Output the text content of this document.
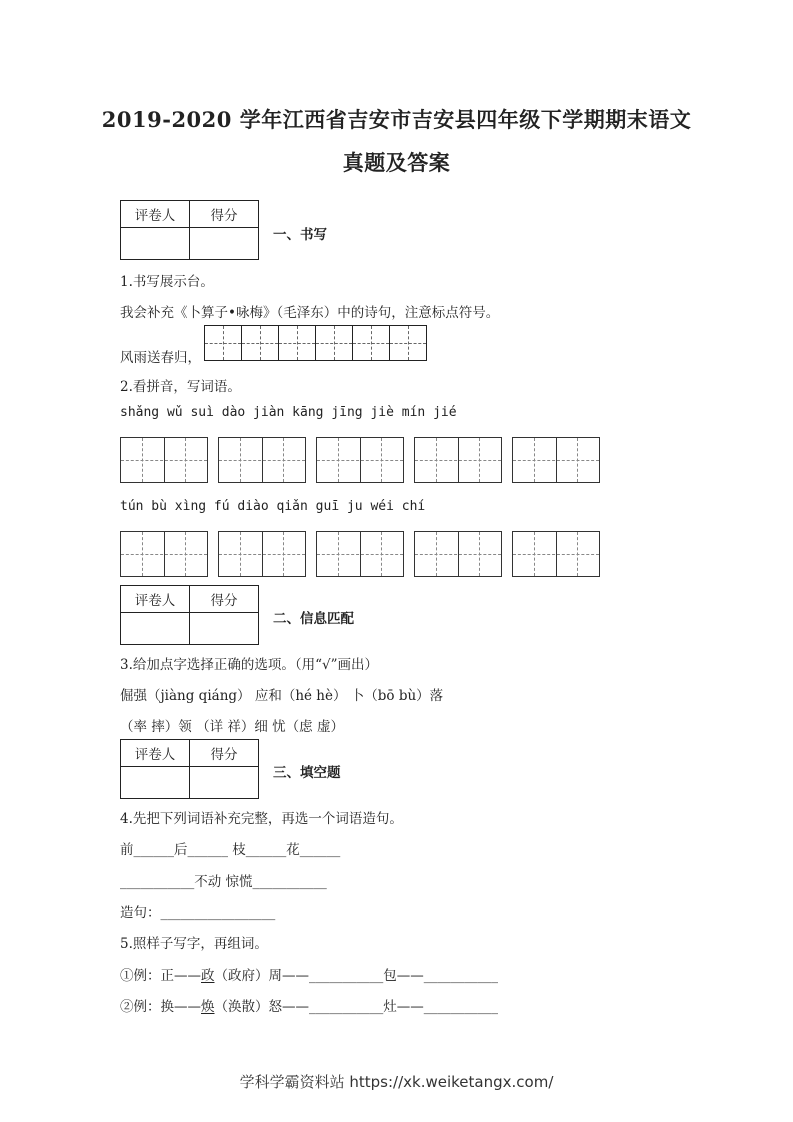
2019-2020 学年江西省吉安市吉安县四年级下学期期末语文
真题及答案
评卷人	得分

一、书写
1.书写展示台。
我会补充《卜算子•咏梅》（毛泽东）中的诗句，注意标点符号。
风雨送春归，
2.看拼音，写词语。
shǎng wǔ suì dào jiàn kāng jīng jiè mín jié
tún bù xìng fú diào qiǎn guī ju wéi chí
评卷人	得分

二、信息匹配
3.给加点字选择正确的选项。（用“√”画出）
倔强（jiàng qiáng） 应和（hé hè） 卜（bō bù）落
（率 摔）领 （详 祥）细 忧（虑 虚）
评卷人	得分

三、填空题
4.先把下列词语补充完整，再选一个词语造句。
前______后______ 枝______花______
___________不动 惊慌___________
造句：_________________
5.照样子写字，再组词。
①例：正——政（政府）周——___________包——___________
②例：换——焕（涣散）怒——___________灶——___________
学科学霸资料站 https://xk.weiketangx.com/
